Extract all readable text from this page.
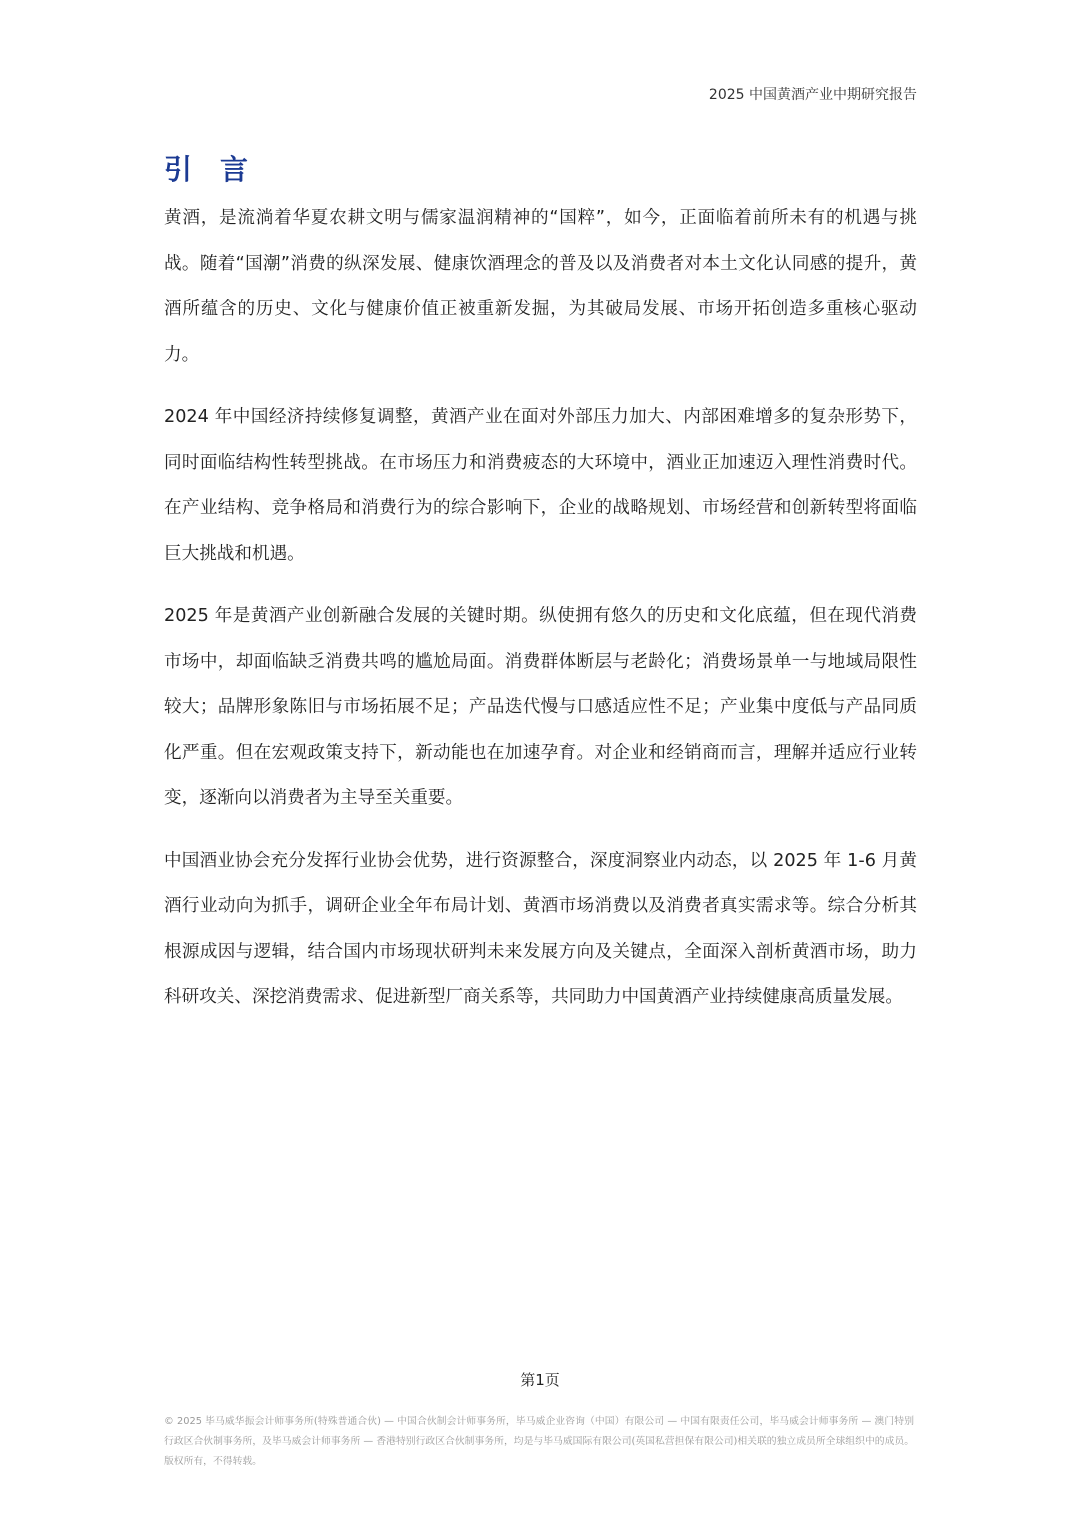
2025 中国黄酒产业中期研究报告
引言

黄酒，是流淌着华夏农耕文明与儒家温润精神的“国粹”，如今，正面临着前所未有的机遇与挑战。随着“国潮”消费的纵深发展、健康饮酒理念的普及以及消费者对本土文化认同感的提升，黄酒所蕴含的历史、文化与健康价值正被重新发掘，为其破局发展、市场开拓创造多重核心驱动力。

2024 年中国经济持续修复调整，黄酒产业在面对外部压力加大、内部困难增多的复杂形势下，同时面临结构性转型挑战。在市场压力和消费疲态的大环境中，酒业正加速迈入理性消费时代。在产业结构、竞争格局和消费行为的综合影响下，企业的战略规划、市场经营和创新转型将面临巨大挑战和机遇。

2025 年是黄酒产业创新融合发展的关键时期。纵使拥有悠久的历史和文化底蕴，但在现代消费市场中，却面临缺乏消费共鸣的尴尬局面。消费群体断层与老龄化；消费场景单一与地域局限性较大；品牌形象陈旧与市场拓展不足；产品迭代慢与口感适应性不足；产业集中度低与产品同质化严重。但在宏观政策支持下，新动能也在加速孕育。对企业和经销商而言，理解并适应行业转变，逐渐向以消费者为主导至关重要。

中国酒业协会充分发挥行业协会优势，进行资源整合，深度洞察业内动态，以 2025 年 1-6 月黄酒行业动向为抓手，调研企业全年布局计划、黄酒市场消费以及消费者真实需求等。综合分析其根源成因与逻辑，结合国内市场现状研判未来发展方向及关键点，全面深入剖析黄酒市场，助力科研攻关、深挖消费需求、促进新型厂商关系等，共同助力中国黄酒产业持续健康高质量发展。

第1页
© 2025 毕马威华振会计师事务所(特殊普通合伙) — 中国合伙制会计师事务所，毕马威企业咨询（中国）有限公司 — 中国有限责任公司，毕马威会计师事务所 — 澳门特别行政区合伙制事务所，及毕马威会计师事务所 — 香港特别行政区合伙制事务所，均是与毕马威国际有限公司(英国私营担保有限公司)相关联的独立成员所全球组织中的成员。版权所有，不得转载。
